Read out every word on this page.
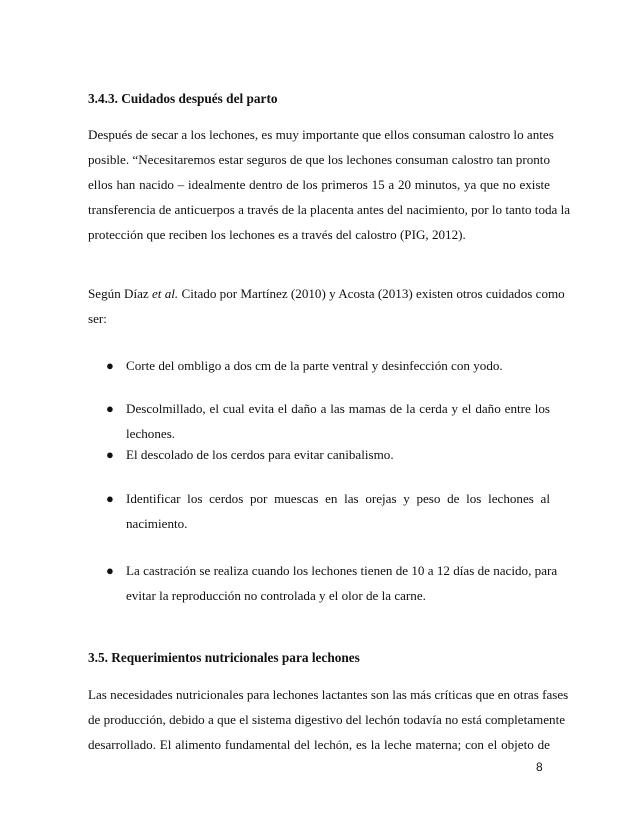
3.4.3. Cuidados después del parto
Después de secar a los lechones, es muy importante que ellos consuman calostro lo antes
posible. “Necesitaremos estar seguros de que los lechones consuman calostro tan pronto
ellos han nacido – idealmente dentro de los primeros 15 a 20 minutos, ya que no existe
transferencia de anticuerpos a través de la placenta antes del nacimiento, por lo tanto toda la
protección que reciben los lechones es a través del calostro (PIG, 2012).
Según Díaz et al. Citado por Martínez (2010) y Acosta (2013) existen otros cuidados como
ser:
● Corte del ombligo a dos cm de la parte ventral y desinfección con yodo.
● Descolmillado, el cual evita el daño a las mamas de la cerda y el daño entre los
lechones.
● El descolado de los cerdos para evitar canibalismo.
● Identificar los cerdos por muescas en las orejas y peso de los lechones al
nacimiento.
● La castración se realiza cuando los lechones tienen de 10 a 12 días de nacido, para
evitar la reproducción no controlada y el olor de la carne.
3.5. Requerimientos nutricionales para lechones
Las necesidades nutricionales para lechones lactantes son las más críticas que en otras fases
de producción, debido a que el sistema digestivo del lechón todavía no está completamente
desarrollado. El alimento fundamental del lechón, es la leche materna; con el objeto de
8
